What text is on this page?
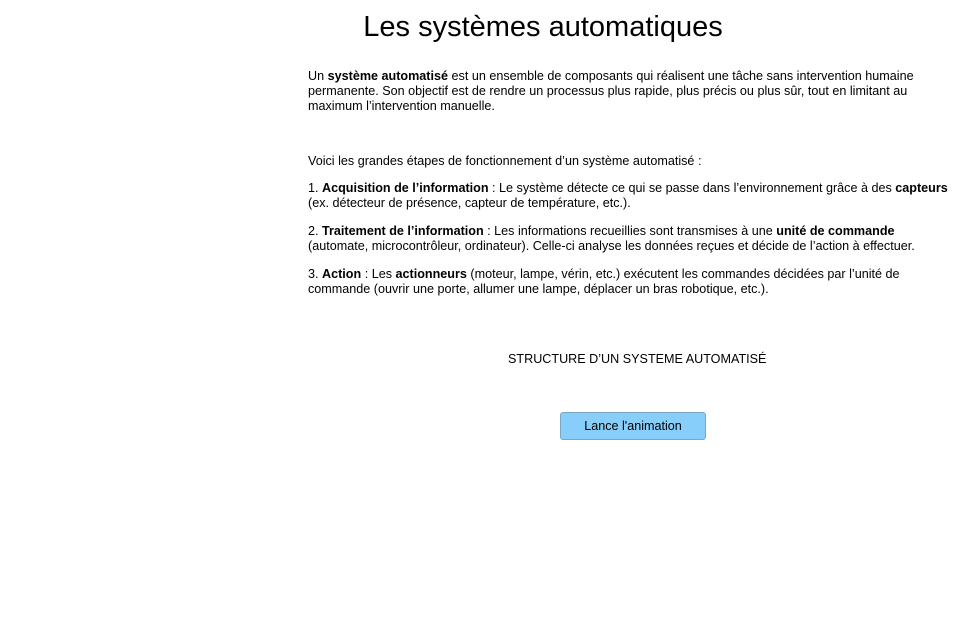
Les systèmes automatiques

Un système automatisé est un ensemble de composants qui réalisent une tâche sans intervention humaine permanente. Son objectif est de rendre un processus plus rapide, plus précis ou plus sûr, tout en limitant au maximum l’intervention manuelle.

Voici les grandes étapes de fonctionnement d’un système automatisé :

1. Acquisition de l’information : Le système détecte ce qui se passe dans l’environnement grâce à des capteurs (ex. détecteur de présence, capteur de température, etc.).

2. Traitement de l’information : Les informations recueillies sont transmises à une unité de commande (automate, microcontrôleur, ordinateur). Celle-ci analyse les données reçues et décide de l’action à effectuer.

3. Action : Les actionneurs (moteur, lampe, vérin, etc.) exécutent les commandes décidées par l’unité de commande (ouvrir une porte, allumer une lampe, déplacer un bras robotique, etc.).

STRUCTURE D’UN SYSTEME AUTOMATISÉ
Lance l'animation
